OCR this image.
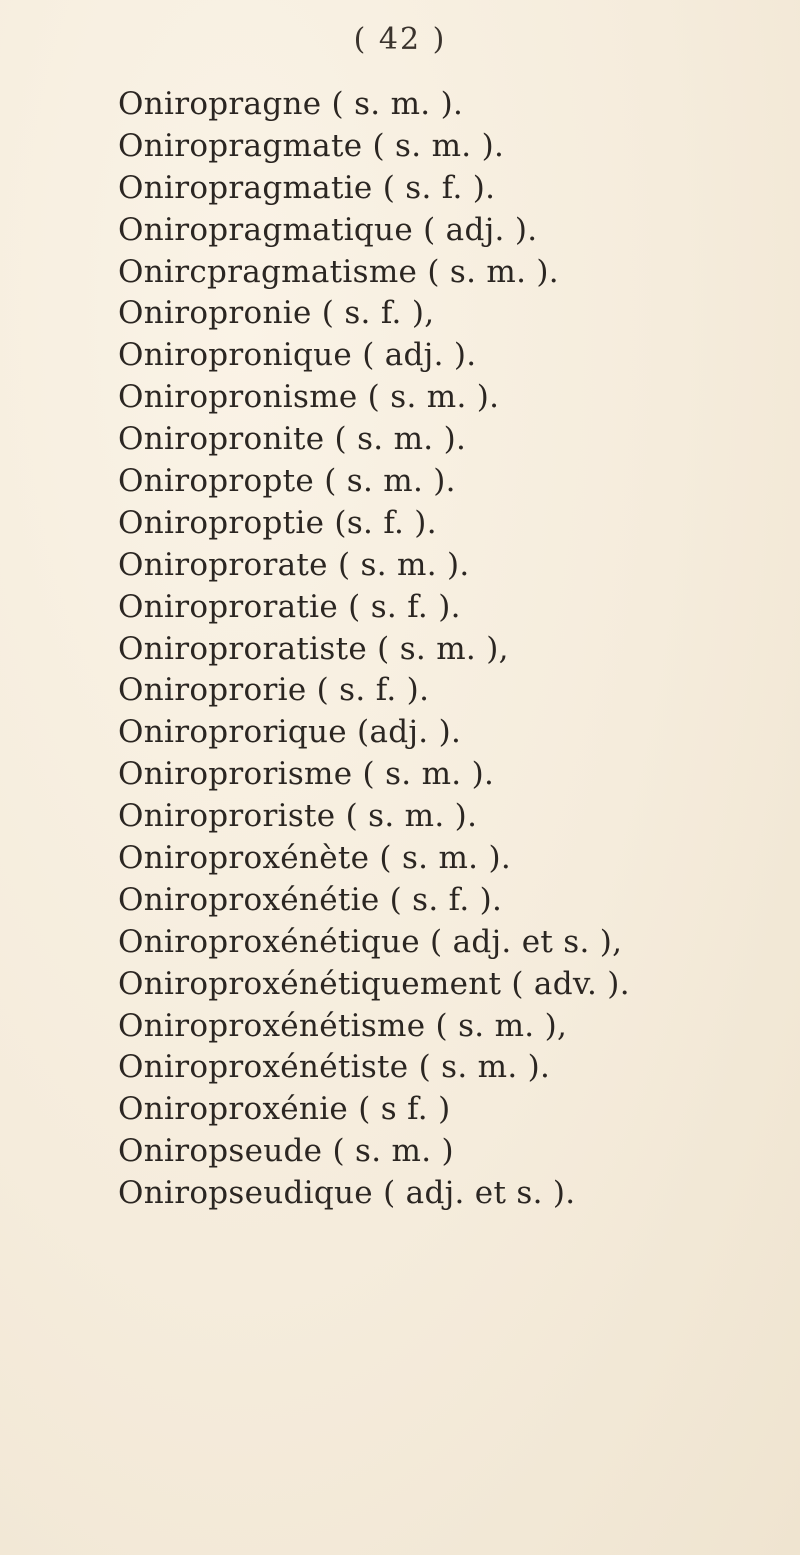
( 42 )
Oniropragne ( s. m. ).
Oniropragmate ( s. m. ).
Oniropragmatie ( s. f. ).
Oniropragmatique ( adj. ).
Onircpragmatisme ( s. m. ).
Oniropronie ( s. f. ),
Oniropronique ( adj. ).
Oniropronisme ( s. m. ).
Oniropronite ( s. m. ).
Oniropropte ( s. m. ).
Oniroproptie (s. f. ).
Oniroprorate ( s. m. ).
Oniroproratie ( s. f. ).
Oniroproratiste ( s. m. ),
Oniroprorie ( s. f. ).
Oniroprorique (adj. ).
Oniroprorisme ( s. m. ).
Oniroproriste ( s. m. ).
Oniroproxénète ( s. m. ).
Oniroproxénétie ( s. f. ).
Oniroproxénétique ( adj. et s. ),
Oniroproxénétiquement ( adv. ).
Oniroproxénétisme ( s. m. ),
Oniroproxénétiste ( s. m. ).
Oniroproxénie ( s f. )
Oniropseude ( s. m. )
Oniropseudique ( adj. et s. ).
